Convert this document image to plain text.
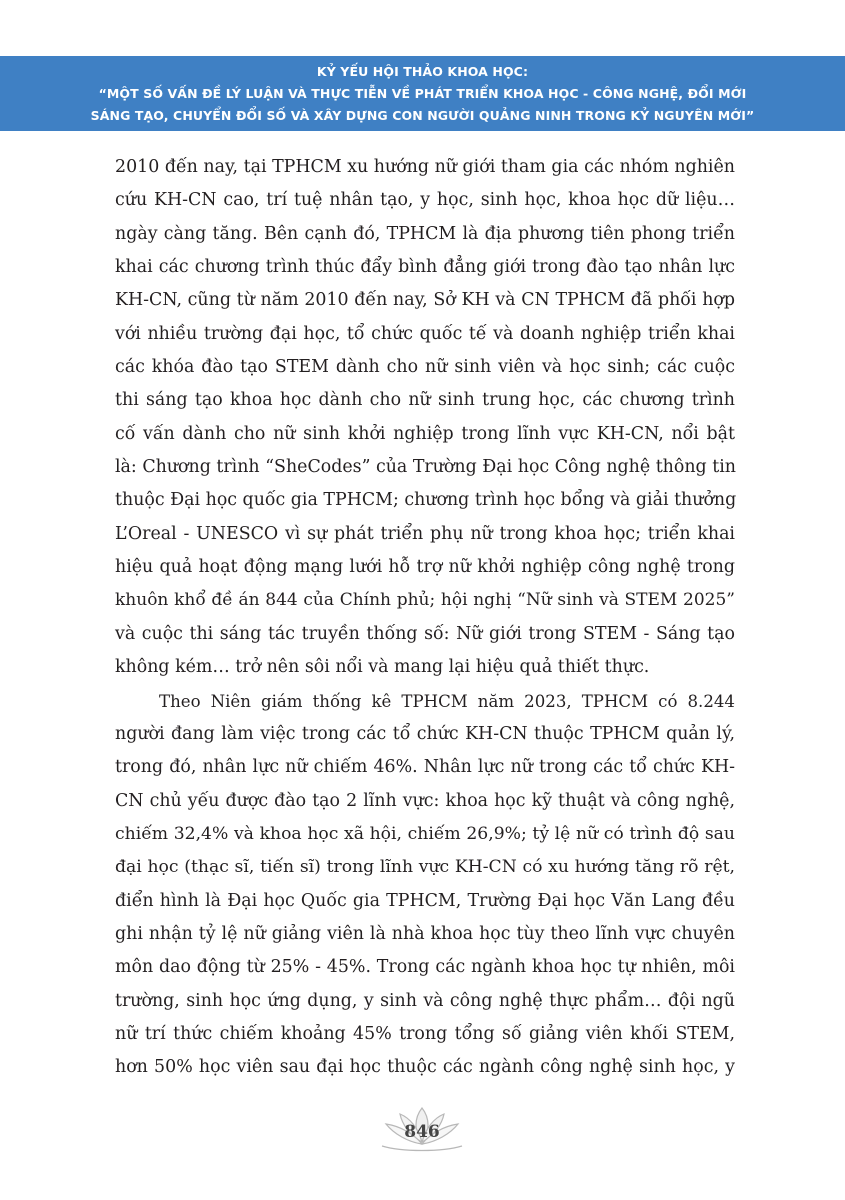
KỶ YẾU HỘI THẢO KHOA HỌC:
“MỘT SỐ VẤN ĐỀ LÝ LUẬN VÀ THỰC TIỄN VỀ PHÁT TRIỂN KHOA HỌC - CÔNG NGHỆ, ĐỔI MỚI
SÁNG TẠO, CHUYỂN ĐỔI SỐ VÀ XÂY DỰNG CON NGƯỜI QUẢNG NINH TRONG KỶ NGUYÊN MỚI”
2010 đến nay, tại TPHCM xu hướng nữ giới tham gia các nhóm nghiên
cứu KH-CN cao, trí tuệ nhân tạo, y học, sinh học, khoa học dữ liệu…
ngày càng tăng. Bên cạnh đó, TPHCM là địa phương tiên phong triển
khai các chương trình thúc đẩy bình đẳng giới trong đào tạo nhân lực
KH-CN, cũng từ năm 2010 đến nay, Sở KH và CN TPHCM đã phối hợp
với nhiều trường đại học, tổ chức quốc tế và doanh nghiệp triển khai
các khóa đào tạo STEM dành cho nữ sinh viên và học sinh; các cuộc
thi sáng tạo khoa học dành cho nữ sinh trung học, các chương trình
cố vấn dành cho nữ sinh khởi nghiệp trong lĩnh vực KH-CN, nổi bật
là: Chương trình “SheCodes” của Trường Đại học Công nghệ thông tin
thuộc Đại học quốc gia TPHCM; chương trình học bổng và giải thưởng
L’Oreal - UNESCO vì sự phát triển phụ nữ trong khoa học; triển khai
hiệu quả hoạt động mạng lưới hỗ trợ nữ khởi nghiệp công nghệ trong
khuôn khổ đề án 844 của Chính phủ; hội nghị “Nữ sinh và STEM 2025”
và cuộc thi sáng tác truyền thống số: Nữ giới trong STEM - Sáng tạo
không kém… trở nên sôi nổi và mang lại hiệu quả thiết thực.
Theo Niên giám thống kê TPHCM năm 2023, TPHCM có 8.244
người đang làm việc trong các tổ chức KH-CN thuộc TPHCM quản lý,
trong đó, nhân lực nữ chiếm 46%. Nhân lực nữ trong các tổ chức KH-
CN chủ yếu được đào tạo 2 lĩnh vực: khoa học kỹ thuật và công nghệ,
chiếm 32,4% và khoa học xã hội, chiếm 26,9%; tỷ lệ nữ có trình độ sau
đại học (thạc sĩ, tiến sĩ) trong lĩnh vực KH-CN có xu hướng tăng rõ rệt,
điển hình là Đại học Quốc gia TPHCM, Trường Đại học Văn Lang đều
ghi nhận tỷ lệ nữ giảng viên là nhà khoa học tùy theo lĩnh vực chuyên
môn dao động từ 25% - 45%. Trong các ngành khoa học tự nhiên, môi
trường, sinh học ứng dụng, y sinh và công nghệ thực phẩm… đội ngũ
nữ trí thức chiếm khoảng 45% trong tổng số giảng viên khối STEM,
hơn 50% học viên sau đại học thuộc các ngành công nghệ sinh học, y
846
